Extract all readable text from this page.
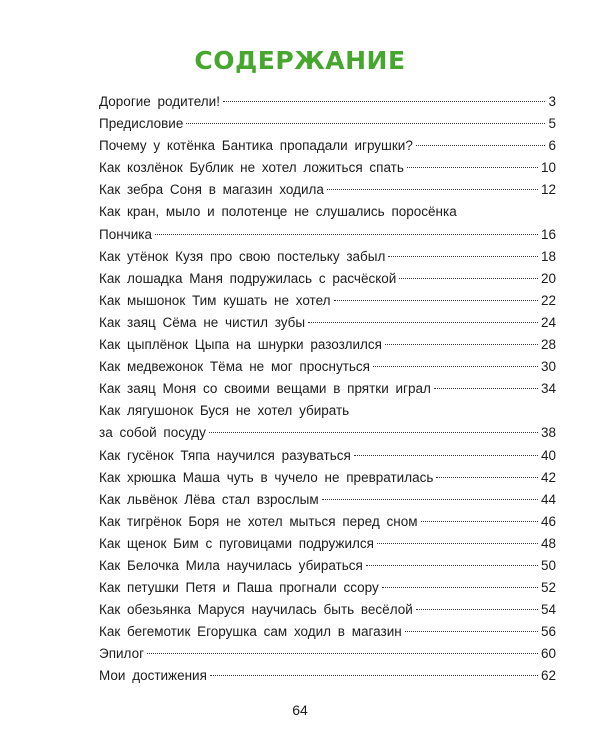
СОДЕРЖАНИЕ
Дорогие родители!	3
Предисловие	5
Почему у котёнка Бантика пропадали игрушки?	6
Как козлёнок Бублик не хотел ложиться спать	10
Как зебра Соня в магазин ходила	12
Как кран, мыло и полотенце не слушались поросёнка
Пончика	16
Как утёнок Кузя про свою постельку забыл	18
Как лошадка Маня подружилась с расчёской	20
Как мышонок Тим кушать не хотел	22
Как заяц Сёма не чистил зубы	24
Как цыплёнок Цыпа на шнурки разозлился	28
Как медвежонок Тёма не мог проснуться	30
Как заяц Моня со своими вещами в прятки играл	34
Как лягушонок Буся не хотел убирать
за собой посуду	38
Как гусёнок Тяпа научился разуваться	40
Как хрюшка Маша чуть в чучело не превратилась	42
Как львёнок Лёва стал взрослым	44
Как тигрёнок Боря не хотел мыться перед сном	46
Как щенок Бим с пуговицами подружился	48
Как Белочка Мила научилась убираться	50
Как петушки Петя и Паша прогнали ссору	52
Как обезьянка Маруся научилась быть весёлой	54
Как бегемотик Егорушка сам ходил в магазин	56
Эпилог	60
Мои достижения	62
64
